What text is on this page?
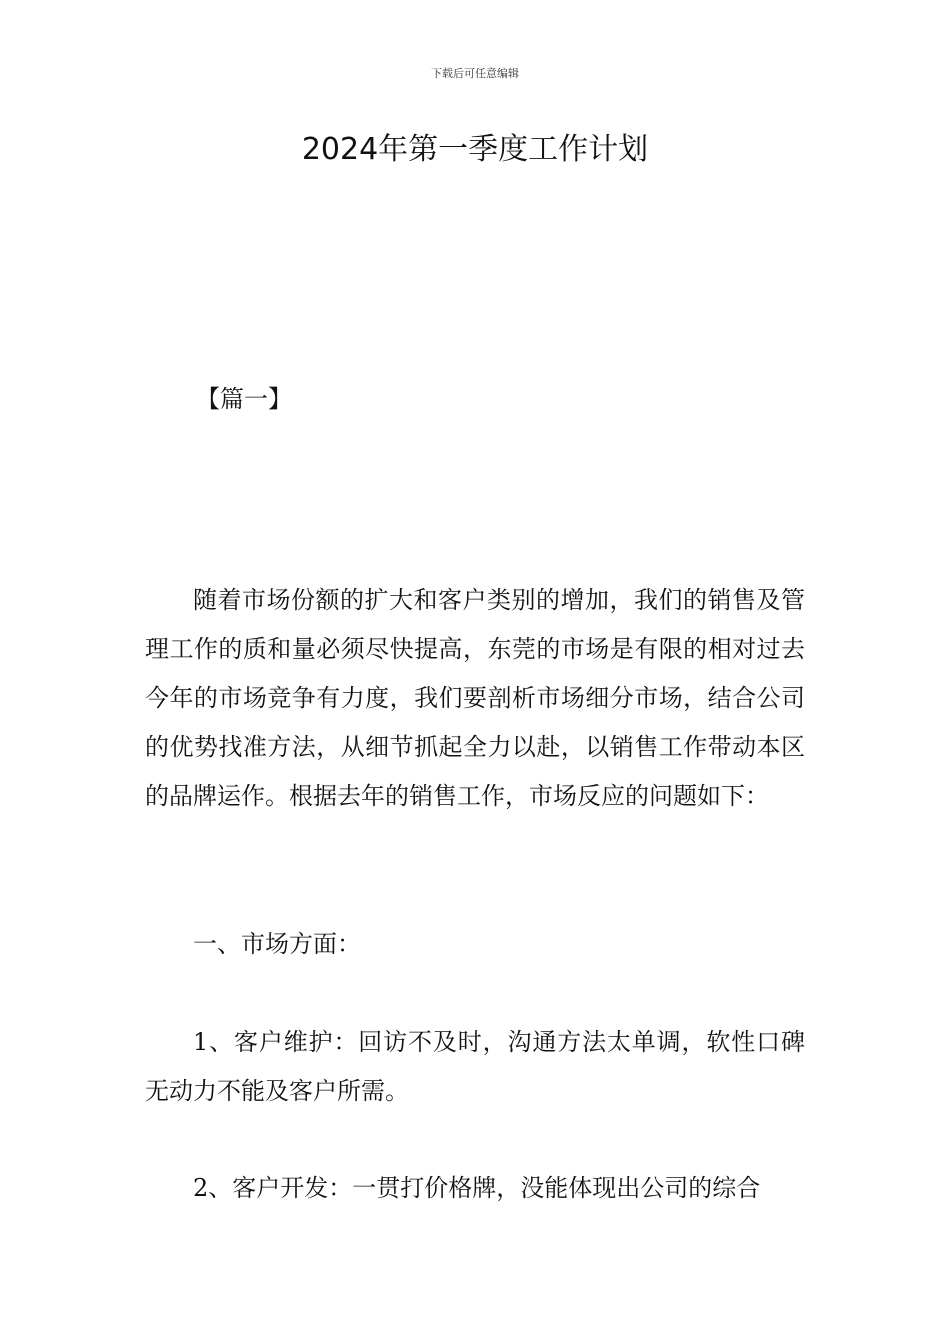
下载后可任意编辑
2024年第一季度工作计划

【篇一】

随着市场份额的扩大和客户类别的增加，我们的销售及管理工作的质和量必须尽快提高，东莞的市场是有限的相对过去今年的市场竞争有力度，我们要剖析市场细分市场，结合公司的优势找准方法，从细节抓起全力以赴，以销售工作带动本区的品牌运作。根据去年的销售工作，市场反应的问题如下：

一、市场方面：

1、客户维护：回访不及时，沟通方法太单调，软性口碑无动力不能及客户所需。

2、客户开发：一贯打价格牌，没能体现出公司的综合
